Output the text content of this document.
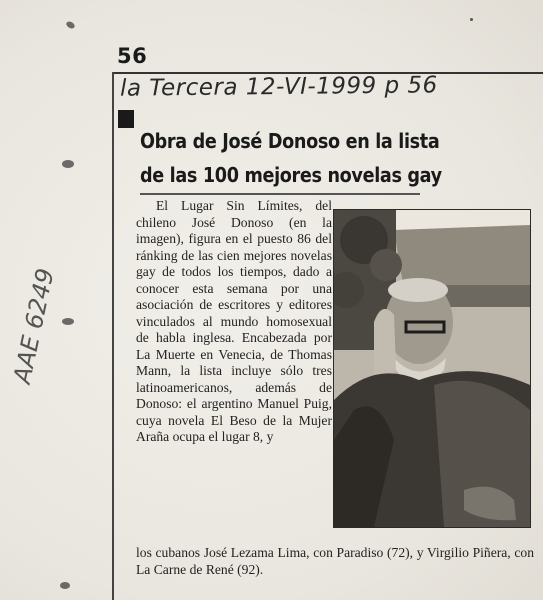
56
la Tercera 12-VI-1999 p 56
Obra de José Donoso en la lista
de las 100 mejores novelas gay

El Lugar Sin Límites, del chileno José Donoso (en la imagen), figura en el puesto 86 del ránking de las cien mejores novelas gay de todos los tiempos, dado a conocer esta semana por una asociación de escritores y editores vinculados al mundo homosexual de habla inglesa. Encabezada por La Muerte en Venecia, de Thomas Mann, la lista incluye sólo tres latinoamericanos, además de Donoso: el argentino Manuel Puig, cuya novela El Beso de la Mujer Araña ocupa el lugar 8, y

los cubanos José Lezama Lima, con Paradiso (72), y Virgilio Piñera, con La Carne de René (92).

AAE 6249
